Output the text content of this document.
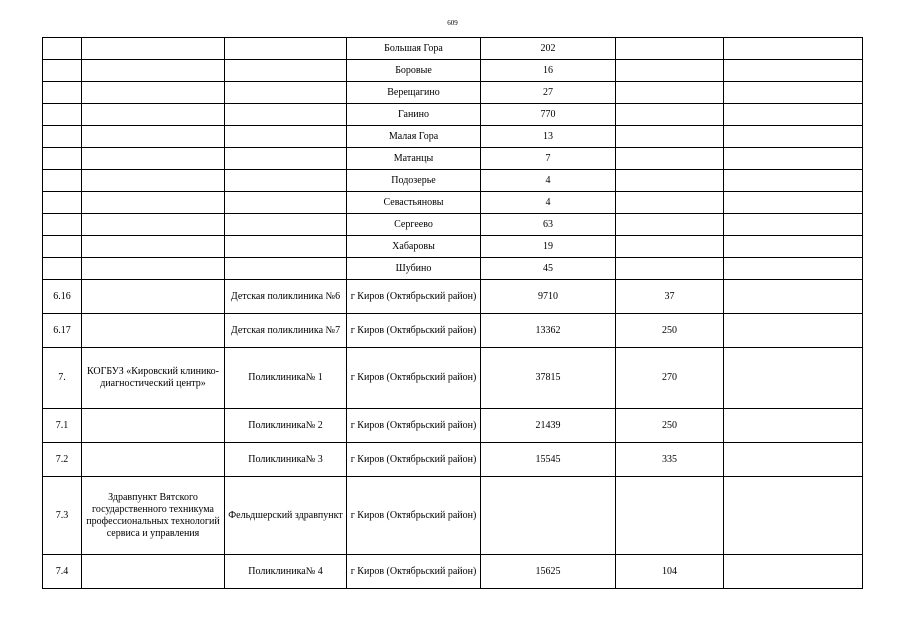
609
			Большая Гора	202		
			Боровые	16		
			Верещагино	27		
			Ганино	770		
			Малая Гора	13		
			Матанцы	7		
			Подозерье	4		
			Севастьяновы	4		
			Сергеево	63		
			Хабаровы	19		
			Шубино	45		
6.16		Детская поликлиника №6	г Киров (Октябрьский район)	9710	37	
6.17		Детская поликлиника №7	г Киров (Октябрьский район)	13362	250	
7.	КОГБУЗ «Кировский клинико-диагностический центр»	Поликлиника№ 1	г Киров (Октябрьский район)	37815	270	
7.1		Поликлиника№ 2	г Киров (Октябрьский район)	21439	250	
7.2		Поликлиника№ 3	г Киров (Октябрьский район)	15545	335	
7.3	Здравпункт Вятского государственного техникума профессиональных технологий сервиса и управления	Фельдшерский здравпункт	г Киров (Октябрьский район)			
7.4		Поликлиника№ 4	г Киров (Октябрьский район)	15625	104	
